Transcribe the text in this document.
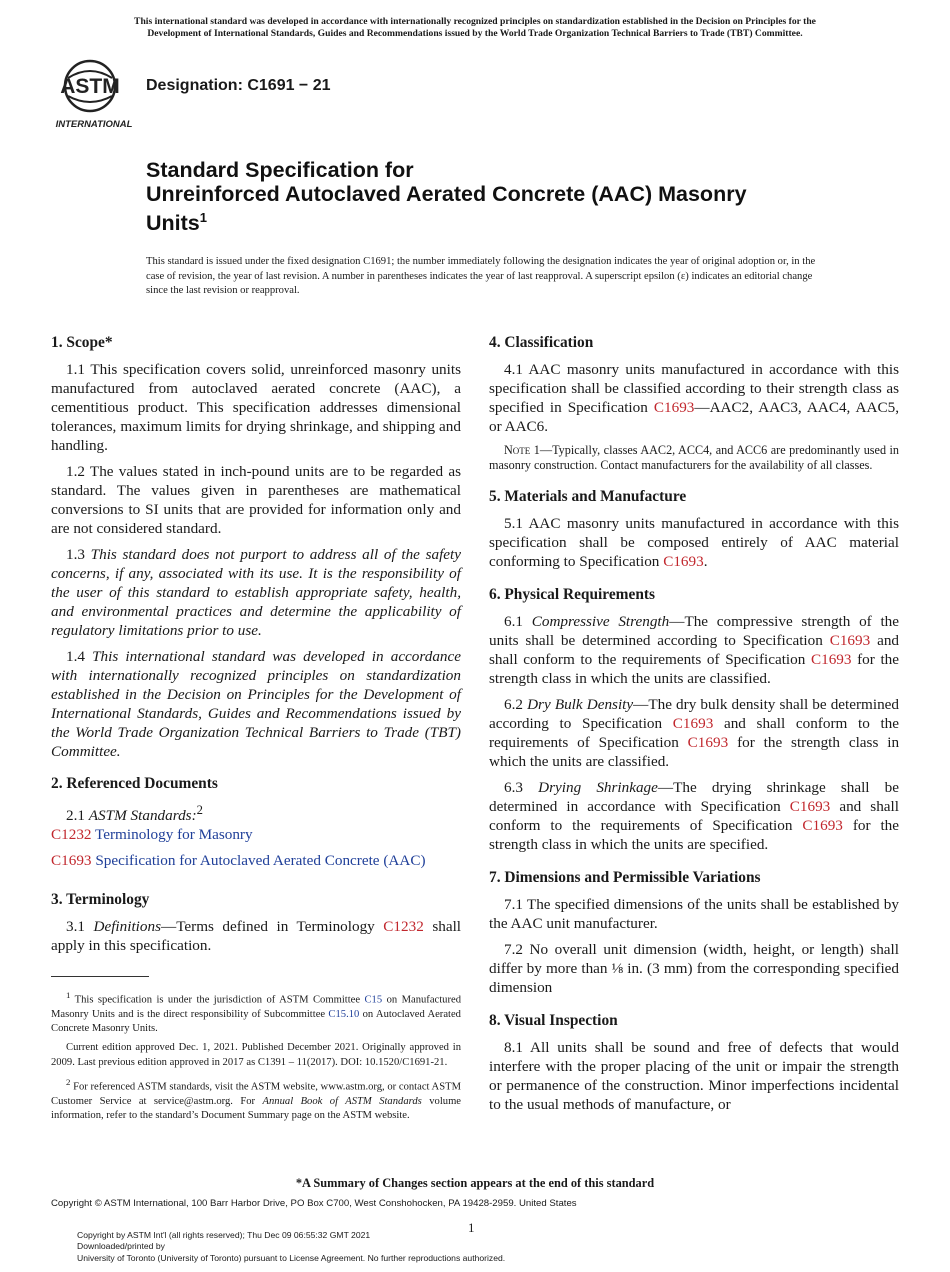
This international standard was developed in accordance with internationally recognized principles on standardization established in the Decision on Principles for the
Development of International Standards, Guides and Recommendations issued by the World Trade Organization Technical Barriers to Trade (TBT) Committee.
ASTM
INTERNATIONAL
Designation: C1691 − 21
Standard Specification for
Unreinforced Autoclaved Aerated Concrete (AAC) Masonry
Units$^1$
This standard is issued under the fixed designation C1691; the number immediately following the designation indicates the year of original adoption or, in the case of revision, the year of last revision. A number in parentheses indicates the year of last reapproval. A superscript epsilon (ε) indicates an editorial change since the last revision or reapproval.
1. Scope*

1.1 This specification covers solid, unreinforced masonry units manufactured from autoclaved aerated concrete (AAC), a cementitious product. This specification addresses dimensional tolerances, maximum limits for drying shrinkage, and shipping and handling.

1.2 The values stated in inch-pound units are to be regarded as standard. The values given in parentheses are mathematical conversions to SI units that are provided for information only and are not considered standard.

1.3 This standard does not purport to address all of the safety concerns, if any, associated with its use. It is the responsibility of the user of this standard to establish appropriate safety, health, and environmental practices and determine the applicability of regulatory limitations prior to use.

1.4 This international standard was developed in accordance with internationally recognized principles on standardization established in the Decision on Principles for the Development of International Standards, Guides and Recommendations issued by the World Trade Organization Technical Barriers to Trade (TBT) Committee.

2. Referenced Documents

2.1 ASTM Standards:$^2$

C1232 Terminology for Masonry

C1693 Specification for Autoclaved Aerated Concrete (AAC)

3. Terminology

3.1 Definitions—Terms defined in Terminology C1232 shall apply in this specification.

$^1$ This specification is under the jurisdiction of ASTM Committee C15 on Manufactured Masonry Units and is the direct responsibility of Subcommittee C15.10 on Autoclaved Aerated Concrete Masonry Units.

Current edition approved Dec. 1, 2021. Published December 2021. Originally approved in 2009. Last previous edition approved in 2017 as C1391 – 11(2017). DOI: 10.1520/C1691-21.

$^2$ For referenced ASTM standards, visit the ASTM website, www.astm.org, or contact ASTM Customer Service at service@astm.org. For Annual Book of ASTM Standards volume information, refer to the standard’s Document Summary page on the ASTM website.

4. Classification

4.1 AAC masonry units manufactured in accordance with this specification shall be classified according to their strength class as specified in Specification C1693—AAC2, AAC3, AAC4, AAC5, or AAC6.

Note 1—Typically, classes AAC2, ACC4, and ACC6 are predominantly used in masonry construction. Contact manufacturers for the availability of all classes.

5. Materials and Manufacture

5.1 AAC masonry units manufactured in accordance with this specification shall be composed entirely of AAC material conforming to Specification C1693.

6. Physical Requirements

6.1 Compressive Strength—The compressive strength of the units shall be determined according to Specification C1693 and shall conform to the requirements of Specification C1693 for the strength class in which the units are classified.

6.2 Dry Bulk Density—The dry bulk density shall be determined according to Specification C1693 and shall conform to the requirements of Specification C1693 for the strength class in which the units are classified.

6.3 Drying Shrinkage—The drying shrinkage shall be determined in accordance with Specification C1693 and shall conform to the requirements of Specification C1693 for the strength class in which the units are specified.

7. Dimensions and Permissible Variations

7.1 The specified dimensions of the units shall be established by the AAC unit manufacturer.

7.2 No overall unit dimension (width, height, or length) shall differ by more than ⅛ in. (3 mm) from the corresponding specified dimension

8. Visual Inspection

8.1 All units shall be sound and free of defects that would interfere with the proper placing of the unit or impair the strength or permanence of the construction. Minor imperfections incidental to the usual methods of manufacture, or

*A Summary of Changes section appears at the end of this standard
Copyright © ASTM International, 100 Barr Harbor Drive, PO Box C700, West Conshohocken, PA 19428-2959. United States
1
Copyright by ASTM Int'l (all rights reserved); Thu Dec 09 06:55:32 GMT 2021
Downloaded/printed by
University of Toronto (University of Toronto) pursuant to License Agreement. No further reproductions authorized.
